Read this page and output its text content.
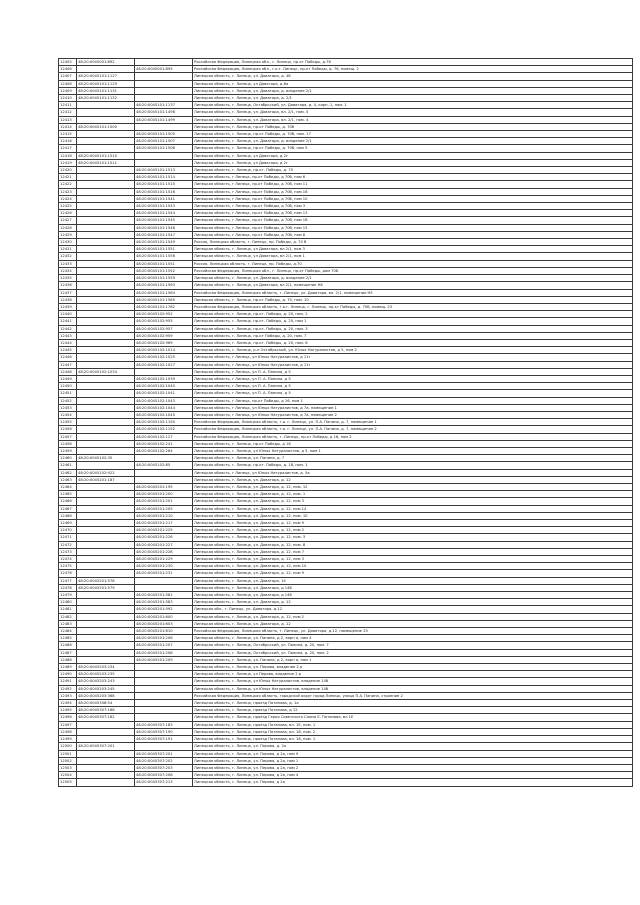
12405	48:20:0045001:892		Российская Федерация, Липецкая обл., г. Липецк, пр-кт Победы, д.76
12406		48:20:0045001:895	Российская Федерация, Липецкая обл., г.о.г. Липецк, пр-кт Победы, д. 76, помещ. 2
12407	48:20:0045101:1127		Липецкая область, г. Липецк, ул. Доватора, д. 4б
12408	48:20:0045101:1129		Липецкая область, г. Липецк, ул Доватора, д.6а
12409	48:20:0045101:1131		Липецкая область, г. Липецк, ул. Доватора, д. владение 2/1
12410	48:20:0045101:1132		Липецкая область, г. Липецк, ул. Доватора, д. 2/1
12411		48:20:0045101:1137	Липецкая область, г. Липецк, Октябрьский, ул. Доватора, д. 4, корп. 1, пом. 1
12412		48:20:0045101:1498	Липецкая область, г. Липецк, ул. Доватора, вл. 2/1, пом. 5
12413		48:20:0045101:1499	Липецкая область, г. Липецк, ул. Доватора, вл. 2/1, пом. 4
12414	48:20:0045101:1500		Липецкая область, г. Липецк, пр-кт Победы, д. 70б
12415		48:20:0045101:1505	Липецкая область, г. Липецк, пр-кт Победы, д. 70б, пом. 17
12416		48:20:0045101:1507	Липецкая область, г. Липецк, ул. Доватора, д. владение 2/1
12417		48:20:0045101:1508	Липецкая область, г. Липецк, пр-кт Победы, д. 70б, пом 5
12418	48:20:0045101:1510		Липецкая область, г. Липецк, ул Доватора, д 2г
12419	48:20:0045101:1511		Липецкая область, г. Липецк, ул Доватора, д 2г
12420		48:20:0045101:1513	Липецкая область, г. Липецк, пр-кт. Победы, д. 70
12421		48:20:0045101:1514	Липецкая область, г Липецк, пр-кт Победы, д 70б, пом 6
12422		48:20:0045101:1515	Липецкая область, г Липецк, пр-кт Победы, д 70б, пом 11
12423		48:20:0045101:1516	Липецкая область, г Липецк, пр-кт Победы, д 70б, пом 16
12424		48:20:0045101:1541	Липецкая область, г Липецк, пр-кт Победы, д 70б, пом 10
12425		48:20:0045101:1543	Липецкая область, г Липецк, пр-кт Победы, д 70б, пом 3
12426		48:20:0045101:1544	Липецкая область, г Липецк, пр-кт Победы, д 70б, пом 13
12427		48:20:0045101:1545	Липецкая область, г Липецк, пр-кт Победы, д 70б, пом 18
12428		48:20:0045101:1546	Липецкая область, г Липецк, пр-кт Победы, д 70б, пом 15
12429		48:20:0045101:1547	Липецкая область, г Липецк, пр-кт Победы, д 70б, пом 8
12430		48:20:0045101:1549	Россия, Липецкая область, г. Липецк, пр. Победы, д. 70 б
12431		48:20:0045101:1551	Липецкая область, г. Липецк, ул Доватора, вл 2/1, пом 3
12432		48:20:0045101:1556	Липецкая область, г. Липецк, ул Доватора, вл 2/1, пом 1
12433		48:20:0045101:1551	Россия, Липецкая область, г. Липецк, пр. Победы, д.70
12434		48:20:0045101:1552	Российская Федерация, Липецкая обл., г. Липецк, пр-кт Победы, дом 70Б
12435		48:20:0045101:1559	Липецкая область, г. Липецк, ул. Доватора, д. владение 2/1
12436		48:20:0045101:1563	Липецкая область, г. Липецк, ул Доватора, вл 2/1, помещение Н6
12437		48:20:0045101:1564	Российская Федерация, Липецкая область, г. Липецк, ул. Доватора, вл. 2/1, помещение Н5
12438		48:20:0045101:1565	Липецкая область, г. Липецк, пр-кт Победы, д. 70, пом. 10
12439		48:20:0045101:1782	Российская Федерация, Липецкая область, г.о.г. Липецк, г. Липецк, пр-кт Победы, д. 70б, помещ. 23
12440		48:20:0045102:952	Липецкая область, г. Липецк, пр-кт. Победы, д. 20, пом. 2
12441		48:20:0045102:955	Липецкая область, г. Липецк, пр-кт. Победы, д. 20, пом 1
12442		48:20:0045102:957	Липецкая область, г. Липецк, пр-кт. Победы, д. 20, пом. 3
12443		48:20:0045102:959	Липецкая область, г. Липецк, пр-кт Победы, д. 20, пом. 7
12444		48:20:0045102:969	Липецкая область, г. Липецк, пр-кт. Победы, д. 20, пом. 6
12445		48:20:0045102:1014	Липецкая область, г. Липецк, р-н Октябрьский, ул. Юных Натуралистов, д 5, пом 2
12446		48:20:0045102:1025	Липецкая область, г Липецк, ул Юных Натуралистов, д 11г
12447		48:20:0045102:1027	Липецкая область, г Липецк, ул Юных Натуралистов, д 11г
12448	48:20:0045102:1034		Липецкая область, г Липецк, ул П. А. Папина, д 5
12449		48:20:0045102:1039	Липецкая область, г Липецк, ул П. А. Папина, д 5
12450		48:20:0045102:1040	Липецкая область, г Липецк, ул П. А. Папина, д 5
12451		48:20:0045102:1041	Липецкая область, г Липецк, ул П. А. Папина, д 5
12452		48:20:0045102:1043	Липецкая область, г Липецк, пр-кт Победы, д 16, пом 1
12453		48:20:0045102:1044	Липецкая область, г Липецк, ул Юных Натуралистов, д 7а, помещение 1
12454		48:20:0045102:1045	Липецкая область, г Липецк, ул Юных Натуралистов, д 7а, помещение 2
12455		48:20:0045102:1150	Российская Федерация, Липецкая область, г.о. г. Липецк, ул. П.А. Папина, д. 7, помещение 1
12456		48:20:0045102:1152	Российская Федерация, Липецкая область, г.о. г. Липецк, ул. П.А. Папина, д. 7, помещение 2
12457		48:20:0045102:127	Российская Федерация, Липецкая область, г. Липецк, пр-кт Победы, д 16, пом 2
12458		48:20:0045102:241	Липецкая область, г. Липецк, пр-кт Победы, д 16
12459		48:20:0045102:264	Липецкая область, г. Липецк, ул Юных Натуралистов, д 3, пом 1
12460	48:20:0045102:35		Липецкая область, г. Липецк, ул. Папина, д. 7
12461		48:20:0045102:85	Липецкая область, г. Липецк, пр-кт. Победы, д. 18, пом. 1
12462	48:20:0045102:922		Липецкая область, г Липецк, ул Юных Натуралистов, д. 5а
12463	48:20:0045201:187		Липецкая область, г. Липецк, ул. Доватора, д. 12
12464		48:20:0045201:195	Липецкая область, г. Липецк, ул. Доватора, д. 12, пом. 12
12465		48:20:0045201:200	Липецкая область, г. Липецк, ул. Доватора, д. 12, пом. 1
12466		48:20:0045201:201	Липецкая область, г. Липецк, ул. Доватора, д. 12, пом 3
12467		48:20:0045201:205	Липецкая область, г. Липецк, ул. Доватора, д. 12, пом.14
12468		48:20:0045201:210	Липецкая область, г. Липецк, ул. Доватора, д. 12, пом. 10
12469		48:20:0045201:217	Липецкая область, г. Липецк, ул. Доватора, д. 12, пом 9
12470		48:20:0045201:225	Липецкая область, г. Липецк, ул. Доватора, д. 12, пом 2
12471		48:20:0045201:226	Липецкая область, г. Липецк, ул. Доватора, д. 12, пом. 3
12472		48:20:0045201:227	Липецкая область, г. Липецк, ул. Доватора, д. 12, пом. 8
12473		48:20:0045201:228	Липецкая область, г. Липецк, ул. Доватора, д. 12, пом 7
12474		48:20:0045201:229	Липецкая область, г. Липецк, ул. Доватора, д. 12, пом 3
12475		48:20:0045201:230	Липецкая область, г. Липецк, ул. Доватора, д. 12, пом 10
12476		48:20:0045201:231	Липецкая область, г. Липецк, ул. Доватора, д. 12, пом 9
12477	48:20:0045201:578		Липецкая область, г. Липецк, ул. Доватора, 14
12478	48:20:0045201:579		Липецкая область, г. Липецк, ул. Доватора, д 14б
12479		48:20:0045201:581	Липецкая область, г. Липецк, ул. Доватора, д 14б
12480		48:20:0045201:583	Липецкая область, г. Липецк, ул. Доватора, д. 12
12481		48:20:0045201:592	Липецкая обл., г. Липецк, ул. Доватора, д.12
12482		48:20:0045201:600	Липецкая область, г. Липецк, ул. Доватора, д. 12, пом 2
12483		48:20:0045201:603	Липецкая область, г. Липецк, ул. Доватора, д. 12
12484		48:20:0045201:610	Российская Федерация, Липецкая область, г. Липецк, ул. Доватора, д.12, помещение 25
12485		48:20:0045201:206	Липецкая область, г. Липецк, ул. Папина, д 2, корп а, пом 4
12486		48:20:0045201:207	Липецкая область, г. Липецк, Октябрьский, ул. Папина, д. 20, пом. 7
12487		48:20:0045201:208	Липецкая область, г. Липецк, Октябрьский, ул. Папина, д. 20, пом. 2
12488		48:20:0045201:209	Липецкая область, г. Липецк, ул. Папина, д 2, корп а, пом 1
12489	48:20:0045203:234		Липецкая область, г. Липецк, ул. Перова, владение 2 р
12490	48:20:0045203:235		Липецкая область, г. Липецк, ул Перова, владение 2 р
12491	48:20:0045203:243		Липецкая область, г. Липецк, ул Юных Натуралистов, владение 14б
12492	48:20:0045203:245		Липецкая область, г. Липецк, ул Юных Натуралистов, владение 14б
12493	48:20:0045203:368		Российская Федерация, Липецкая область, городской округ город Липецк, улица П.А. Папина, строение 2
12494	48:20:0045306:54		Липецкая область, г. Липецк, проезд Потапова, д. 1а
12495	48:20:0045307:168		Липецкая область, г. Липецк, проезд Потапова, д 12
12496	48:20:0045307:182		Липецкая область, г. Липецк, проезд Героя Советского Союза Е. Потапова, вл 1Е
12497		48:20:0045307:183	Липецкая область, г. Липецк, проезд Потапова, вл. 1Е, пом. 1
12498		48:20:0045307:190	Липецкая область, г. Липецк, проезд Потапова, вл. 18, пом. 2
12499		48:20:0045307:191	Липецкая область, г. Липецк, проезд Потапова, вл. 18, пом. 1
12500	48:20:0045307:201		Липецкая область, г. Липецк, ул. Перова, д. 2а
12501		48:20:0045307:201	Липецкая область, г. Липецк, ул. Перова, д 2а, пом 9
12502		48:20:0045307:202	Липецкая область, г. Липецк, ул. Перова, д 2а, пом 1
12503		48:20:0045307:203	Липецкая область, г. Липецк, ул. Перова, д 2а, пом 2
12504		48:20:0045307:208	Липецкая область, г. Липецк, ул. Перова, д 2а, пом 4
12505		48:20:0045307:213	Липецкая область, г. Липецк, ул. Перова, д 2а
